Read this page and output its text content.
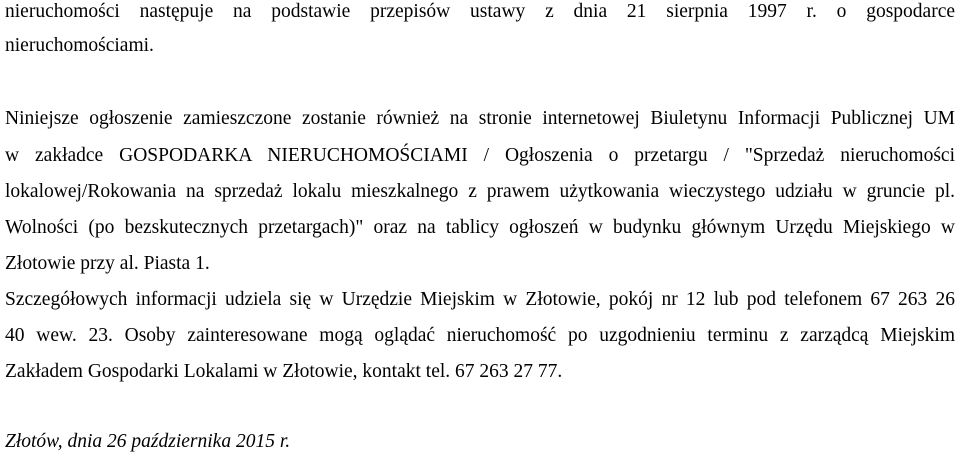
nieruchomości następuje na podstawie przepisów ustawy z dnia 21 sierpnia 1997 r. o gospodarce
nieruchomościami.
Niniejsze ogłoszenie zamieszczone zostanie również na stronie internetowej Biuletynu Informacji Publicznej UM
w zakładce GOSPODARKA NIERUCHOMOŚCIAMI / Ogłoszenia o przetargu / "Sprzedaż nieruchomości
lokalowej/Rokowania na sprzedaż lokalu mieszkalnego z prawem użytkowania wieczystego udziału w gruncie pl.
Wolności (po bezskutecznych przetargach)" oraz na tablicy ogłoszeń w budynku głównym Urzędu Miejskiego w
Złotowie przy al. Piasta 1.
Szczegółowych informacji udziela się w Urzędzie Miejskim w Złotowie, pokój nr 12 lub pod telefonem 67 263 26
40 wew. 23. Osoby zainteresowane mogą oglądać nieruchomość po uzgodnieniu terminu z zarządcą Miejskim
Zakładem Gospodarki Lokalami w Złotowie, kontakt tel. 67 263 27 77.
Złotów, dnia 26 października 2015 r.
